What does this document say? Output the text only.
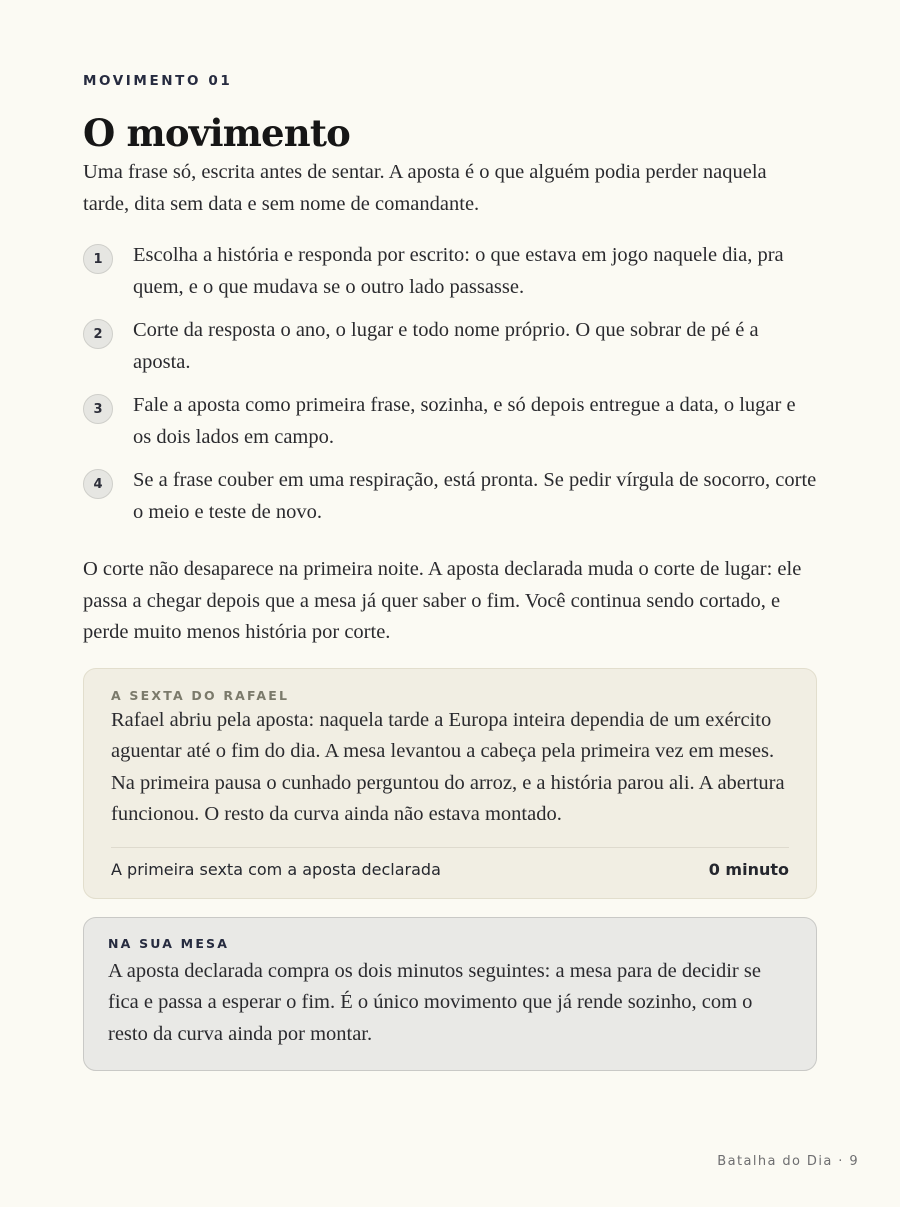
MOVIMENTO 01

O movimento

Uma frase só, escrita antes de sentar. A aposta é o que alguém podia perder naquela tarde, dita sem data e sem nome de comandante.

1	Escolha a história e responda por escrito: o que estava em jogo naquele dia, pra quem, e o que mudava se o outro lado passasse.
2	Corte da resposta o ano, o lugar e todo nome próprio. O que sobrar de pé é a aposta.
3	Fale a aposta como primeira frase, sozinha, e só depois entregue a data, o lugar e os dois lados em campo.
4	Se a frase couber em uma respiração, está pronta. Se pedir vírgula de socorro, corte o meio e teste de novo.

O corte não desaparece na primeira noite. A aposta declarada muda o corte de lugar: ele passa a chegar depois que a mesa já quer saber o fim. Você continua sendo cortado, e perde muito menos história por corte.

A SEXTA DO RAFAEL

Rafael abriu pela aposta: naquela tarde a Europa inteira dependia de um exército aguentar até o fim do dia. A mesa levantou a cabeça pela primeira vez em meses.

Na primeira pausa o cunhado perguntou do arroz, e a história parou ali. A abertura funcionou. O resto da curva ainda não estava montado.

A primeira sexta com a aposta declarada	0 minuto

NA SUA MESA

A aposta declarada compra os dois minutos seguintes: a mesa para de decidir se fica e passa a esperar o fim. É o único movimento que já rende sozinho, com o resto da curva ainda por montar.

Batalha do Dia · 9
